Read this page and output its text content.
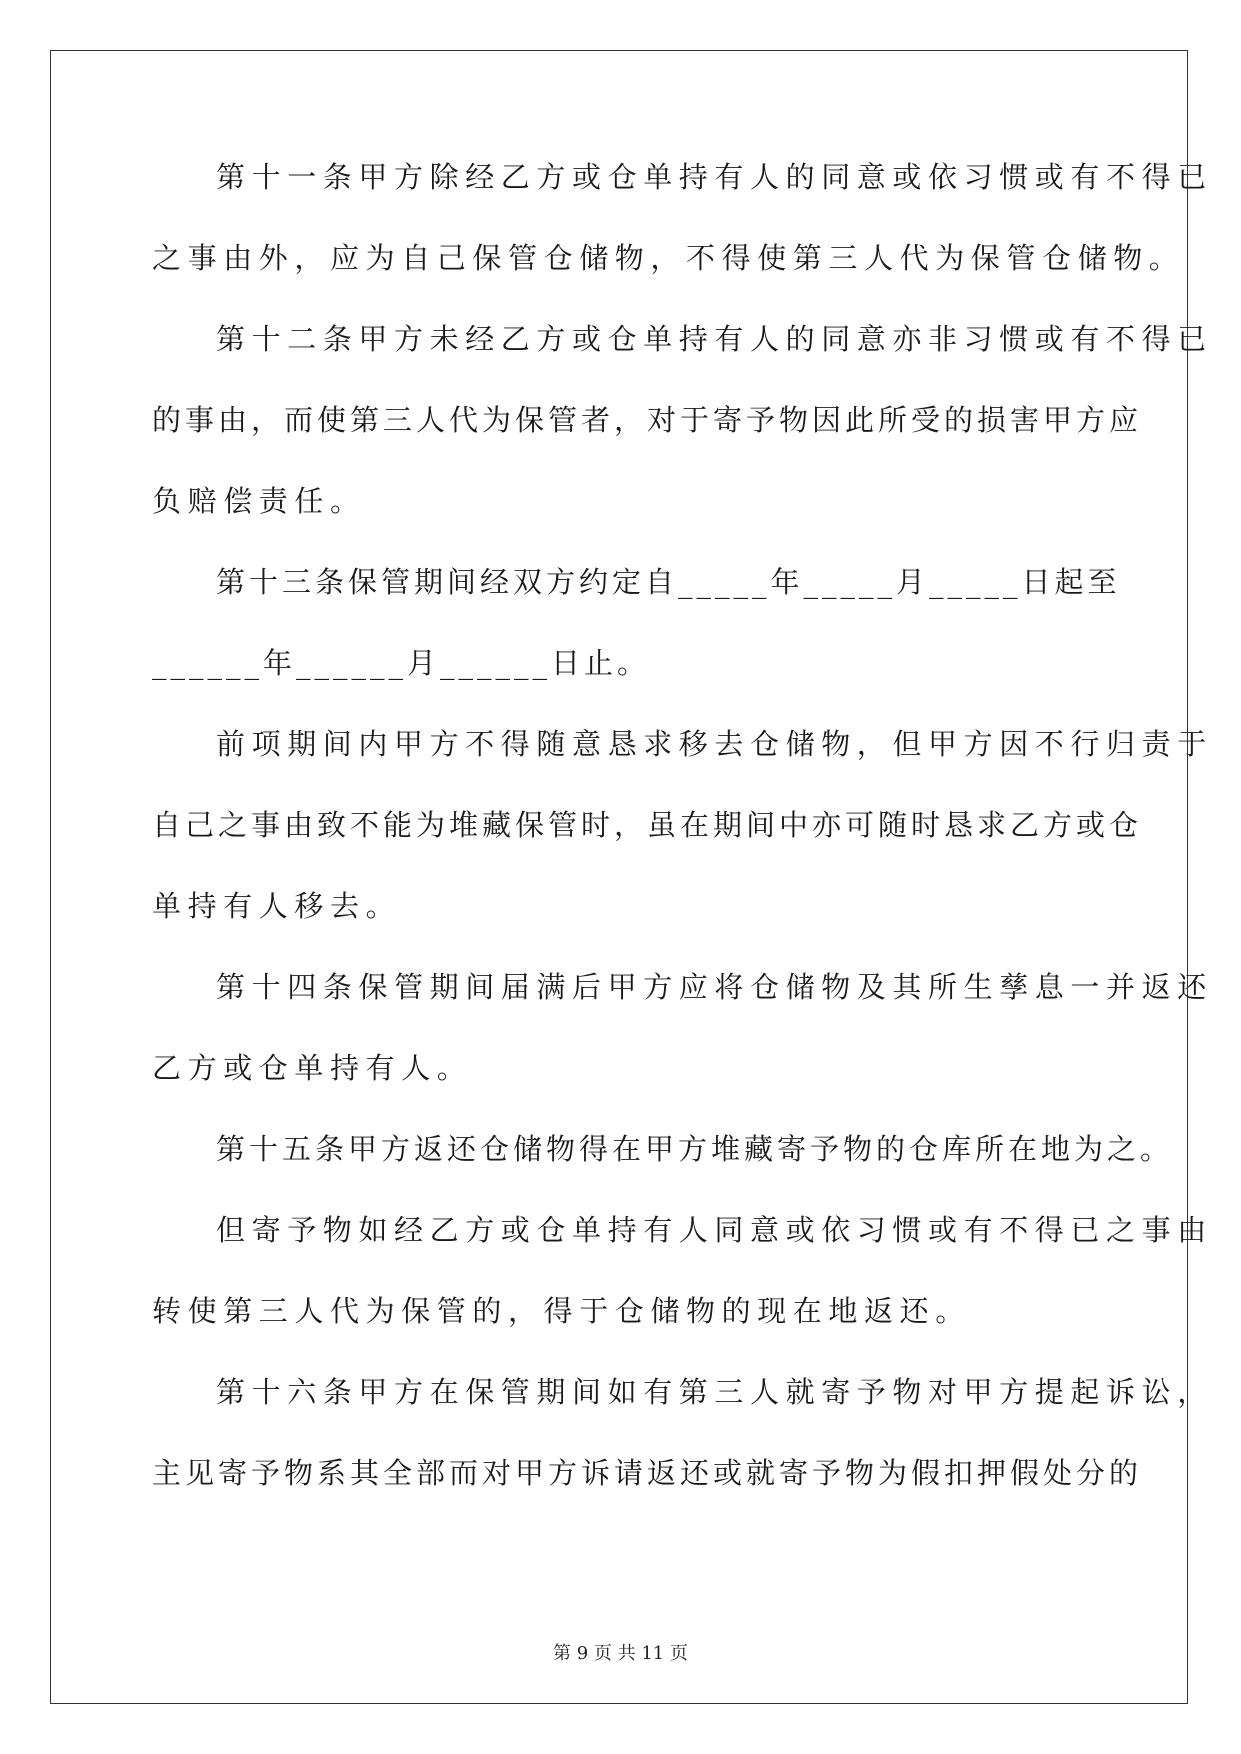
第十一条甲方除经乙方或仓单持有人的同意或依习惯或有不得已
之事由外，应为自己保管仓储物，不得使第三人代为保管仓储物。
第十二条甲方未经乙方或仓单持有人的同意亦非习惯或有不得已
的事由，而使第三人代为保管者，对于寄予物因此所受的损害甲方应
负赔偿责任。
第十三条保管期间经双方约定自_____年_____月_____日起至
______年______月______日止。
前项期间内甲方不得随意恳求移去仓储物，但甲方因不行归责于
自己之事由致不能为堆藏保管时，虽在期间中亦可随时恳求乙方或仓
单持有人移去。
第十四条保管期间届满后甲方应将仓储物及其所生孳息一并返还
乙方或仓单持有人。
第十五条甲方返还仓储物得在甲方堆藏寄予物的仓库所在地为之。
但寄予物如经乙方或仓单持有人同意或依习惯或有不得已之事由
转使第三人代为保管的，得于仓储物的现在地返还。
第十六条甲方在保管期间如有第三人就寄予物对甲方提起诉讼，
主见寄予物系其全部而对甲方诉请返还或就寄予物为假扣押假处分的
第 9 页 共 11 页
